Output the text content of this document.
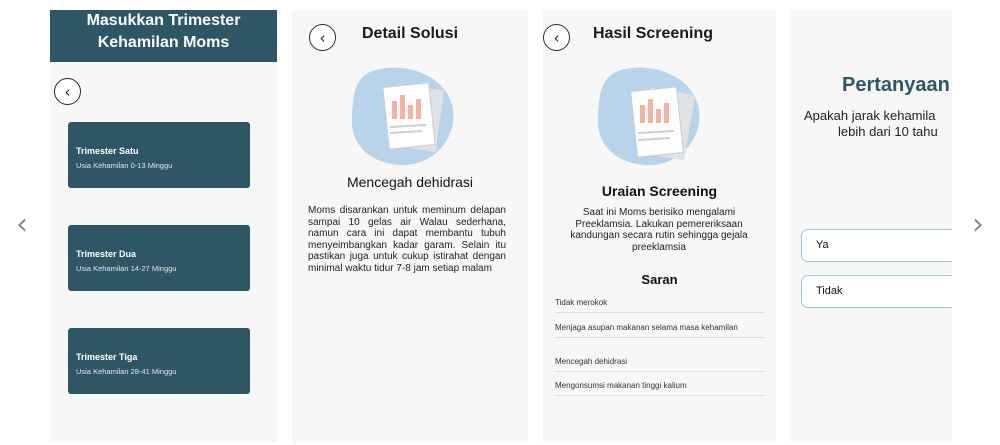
‹	›
Masukkan Trimester
Kehamilan Moms
‹
Trimester Satu
Usia Kehamilan 0-13 Minggu
Trimester Dua
Usia Kehamilan 14-27 Minggu
Trimester Tiga
Usia Kehamilan 28-41 Minggu
‹ Detail Solusi
Mencegah dehidrasi
Moms disarankan untuk meminum delapan sampai 10 gelas air Walau sederhana, namun cara ini dapat membantu tubuh menyeimbangkan kadar garam. Selain itu pastikan juga untuk cukup istirahat dengan minimal waktu tidur 7-8 jam setiap malam
‹ Hasil Screening
Uraian Screening
Saat ini Moms berisiko mengalami Preeklamsia. Lakukan pemereriksaan kandungan secara rutin sehingga gejala preeklamsia
Saran
Tidak merokok
Menjaga asupan makanan selama masa kehamilan
Mencegah dehidrasi
Mengonsumsi makanan tinggi kalium
Pertanyaan
Apakah jarak kehamila
lebih dari 10 tahu
Ya
Tidak
